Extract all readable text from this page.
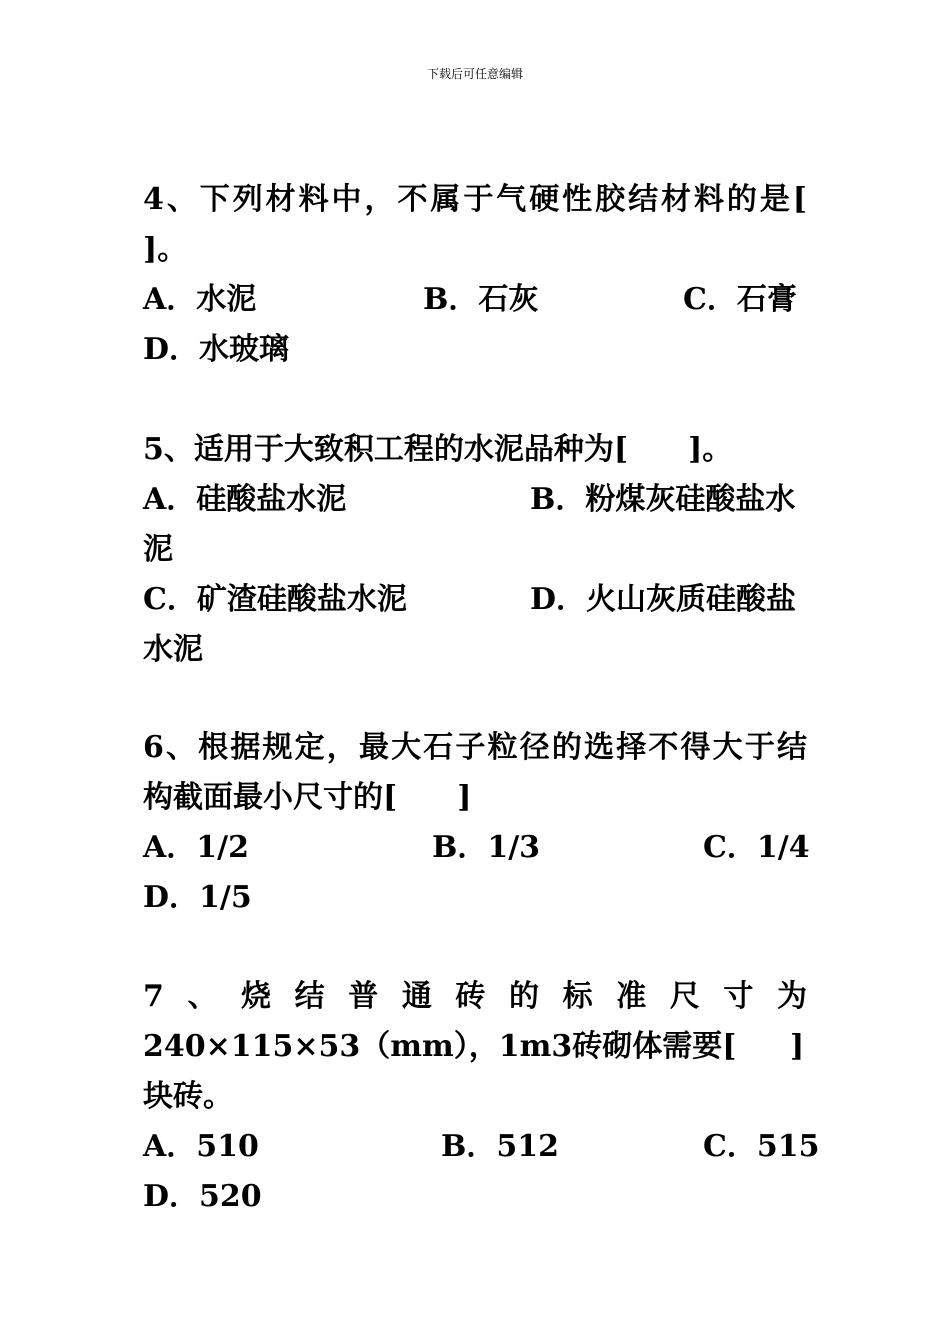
下载后可任意编辑
4、下列材料中，不属于气硬性胶结材料的是[
]。
A．水泥	B．石灰	C．石膏
D．水玻璃
5、适用于大致积工程的水泥品种为[　　]。
A．硅酸盐水泥	B．粉煤灰硅酸盐水
泥
C．矿渣硅酸盐水泥	D．火山灰质硅酸盐
水泥
6、根据规定，最大石子粒径的选择不得大于结
构截面最小尺寸的[　　]
A．1/2	B．1/3	C．1/4
D．1/5
7、烧结普通砖的标准尺寸为
240×115×53（mm），1m3砖砌体需要[ ]
块砖。
A．510	B．512	C．515
D．520
